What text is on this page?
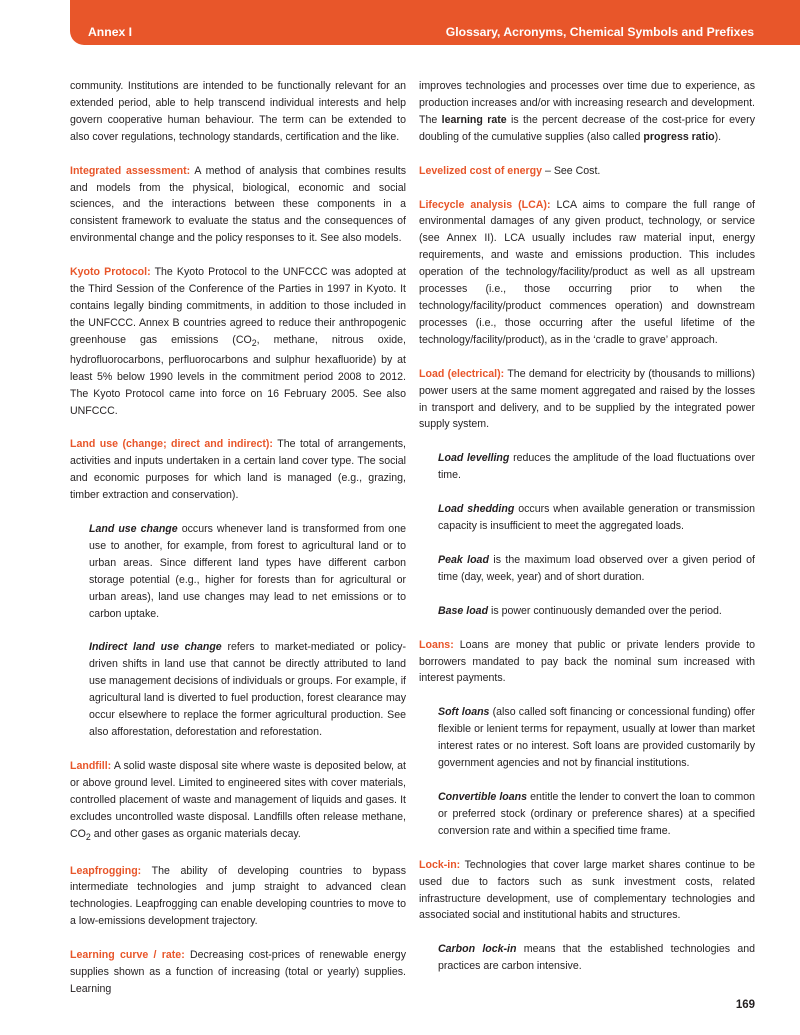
Annex I	Glossary, Acronyms, Chemical Symbols and Prefixes

community. Institutions are intended to be functionally relevant for an extended period, able to help transcend individual interests and help govern cooperative human behaviour. The term can be extended to also cover regulations, technology standards, certification and the like.

Integrated assessment: A method of analysis that combines results and models from the physical, biological, economic and social sciences, and the interactions between these components in a consistent framework to evaluate the status and the consequences of environmental change and the policy responses to it. See also models.

Kyoto Protocol: The Kyoto Protocol to the UNFCCC was adopted at the Third Session of the Conference of the Parties in 1997 in Kyoto. It contains legally binding commitments, in addition to those included in the UNFCCC. Annex B countries agreed to reduce their anthropogenic greenhouse gas emissions ($CO_2$, methane, nitrous oxide, hydrofluorocarbons, perfluorocarbons and sulphur hexafluoride) by at least 5% below 1990 levels in the commitment period 2008 to 2012. The Kyoto Protocol came into force on 16 February 2005. See also UNFCCC.

Land use (change; direct and indirect): The total of arrangements, activities and inputs undertaken in a certain land cover type. The social and economic purposes for which land is managed (e.g., grazing, timber extraction and conservation).

Land use change occurs whenever land is transformed from one use to another, for example, from forest to agricultural land or to urban areas. Since different land types have different carbon storage potential (e.g., higher for forests than for agricultural or urban areas), land use changes may lead to net emissions or to carbon uptake.

Indirect land use change refers to market-mediated or policy-driven shifts in land use that cannot be directly attributed to land use management decisions of individuals or groups. For example, if agricultural land is diverted to fuel production, forest clearance may occur elsewhere to replace the former agricultural production. See also afforestation, deforestation and reforestation.

Landfill: A solid waste disposal site where waste is deposited below, at or above ground level. Limited to engineered sites with cover materials, controlled placement of waste and management of liquids and gases. It excludes uncontrolled waste disposal. Landfills often release methane, $CO_2$ and other gases as organic materials decay.

Leapfrogging: The ability of developing countries to bypass intermediate technologies and jump straight to advanced clean technologies. Leapfrogging can enable developing countries to move to a low-emissions development trajectory.

Learning curve / rate: Decreasing cost-prices of renewable energy supplies shown as a function of increasing (total or yearly) supplies. Learning

improves technologies and processes over time due to experience, as production increases and/or with increasing research and development. The learning rate is the percent decrease of the cost-price for every doubling of the cumulative supplies (also called progress ratio).

Levelized cost of energy – See Cost.

Lifecycle analysis (LCA): LCA aims to compare the full range of environmental damages of any given product, technology, or service (see Annex II). LCA usually includes raw material input, energy requirements, and waste and emissions production. This includes operation of the technology/facility/product as well as all upstream processes (i.e., those occurring prior to when the technology/facility/product commences operation) and downstream processes (i.e., those occurring after the useful lifetime of the technology/facility/product), as in the ‘cradle to grave’ approach.

Load (electrical): The demand for electricity by (thousands to millions) power users at the same moment aggregated and raised by the losses in transport and delivery, and to be supplied by the integrated power supply system.

Load levelling reduces the amplitude of the load fluctuations over time.

Load shedding occurs when available generation or transmission capacity is insufficient to meet the aggregated loads.

Peak load is the maximum load observed over a given period of time (day, week, year) and of short duration.

Base load is power continuously demanded over the period.

Loans: Loans are money that public or private lenders provide to borrowers mandated to pay back the nominal sum increased with interest payments.

Soft loans (also called soft financing or concessional funding) offer flexible or lenient terms for repayment, usually at lower than market interest rates or no interest. Soft loans are provided customarily by government agencies and not by financial institutions.

Convertible loans entitle the lender to convert the loan to common or preferred stock (ordinary or preference shares) at a specified conversion rate and within a specified time frame.

Lock-in: Technologies that cover large market shares continue to be used due to factors such as sunk investment costs, related infrastructure development, use of complementary technologies and associated social and institutional habits and structures.

Carbon lock-in means that the established technologies and practices are carbon intensive.

169
